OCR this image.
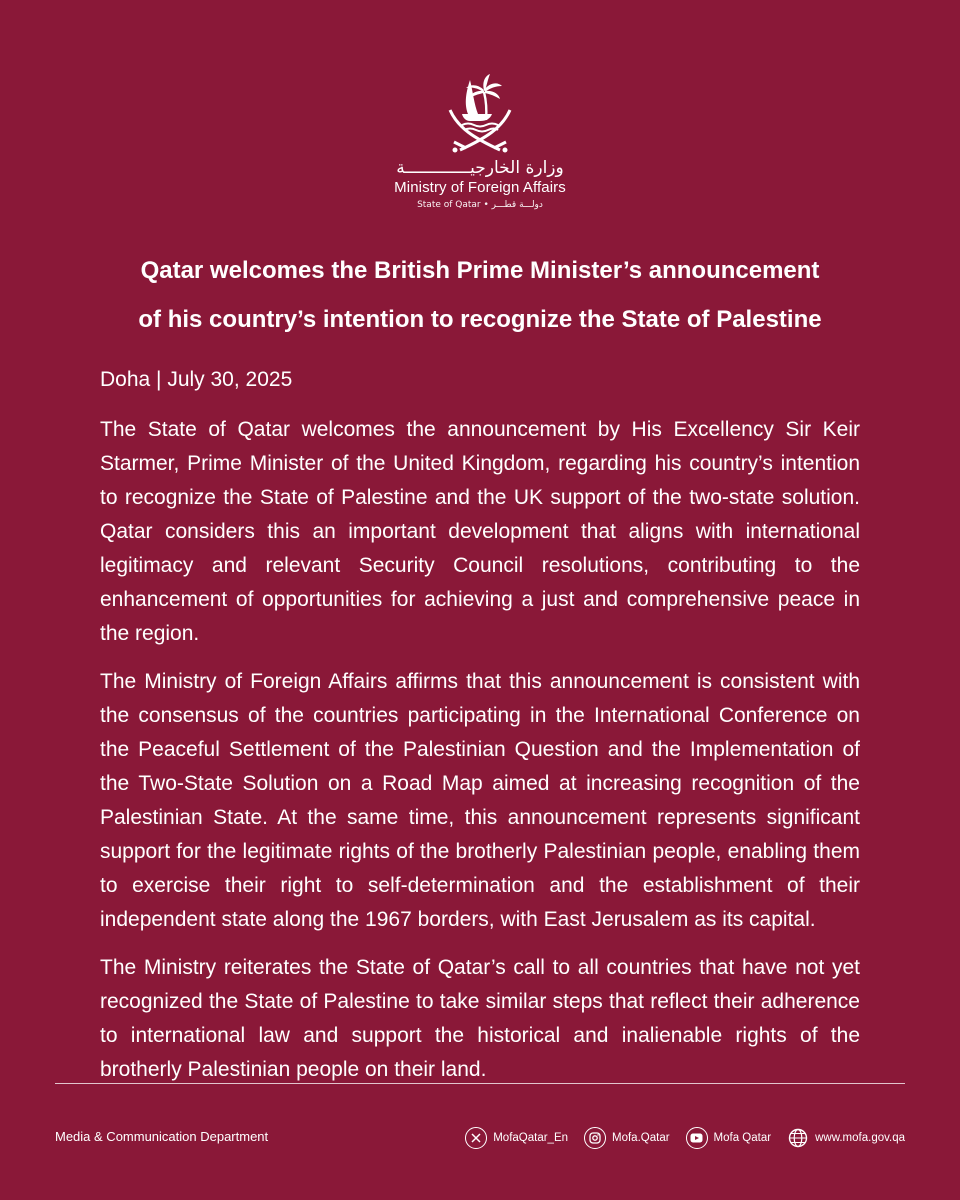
وزارة الخارجيـــــــــــــة
Ministry of Foreign Affairs
State of Qatar • دولـــة قطـــر
Qatar welcomes the British Prime Minister’s announcement
of his country’s intention to recognize the State of Palestine

Doha | July 30, 2025

The State of Qatar welcomes the announcement by His Excellency Sir Keir Starmer, Prime Minister of the United Kingdom, regarding his country’s intention to recognize the State of Palestine and the UK support of the two-state solution. Qatar considers this an important development that aligns with international legitimacy and relevant Security Council resolutions, contributing to the enhancement of opportunities for achieving a just and comprehensive peace in the region.

The Ministry of Foreign Affairs affirms that this announcement is consistent with the consensus of the countries participating in the International Conference on the Peaceful Settlement of the Palestinian Question and the Implementation of the Two-State Solution on a Road Map aimed at increasing recognition of the Palestinian State. At the same time, this announcement represents significant support for the legitimate rights of the brotherly Palestinian people, enabling them to exercise their right to self-determination and the establishment of their independent state along the 1967 borders, with East Jerusalem as its capital.

The Ministry reiterates the State of Qatar’s call to all countries that have not yet recognized the State of Palestine to take similar steps that reflect their adherence to international law and support the historical and inalienable rights of the brotherly Palestinian people on their land.

Media & Communication Department	MofaQatar_En	Mofa.Qatar	Mofa Qatar	www.mofa.gov.qa
